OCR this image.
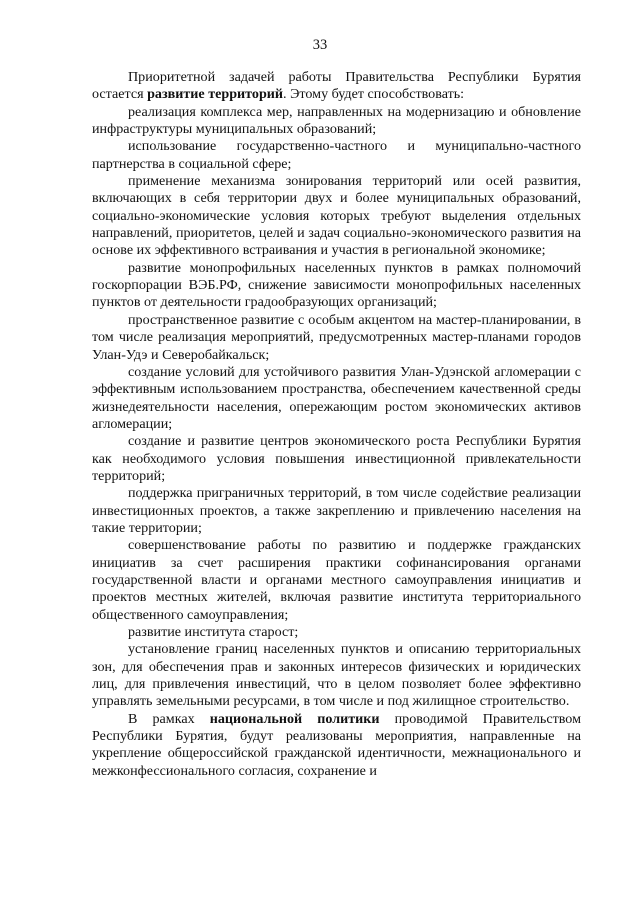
33

Приоритетной задачей работы Правительства Республики Бурятия остается развитие территорий. Этому будет способствовать:

реализация комплекса мер, направленных на модернизацию и обновление инфраструктуры муниципальных образований;

использование государственно-частного и муниципально-частного партнерства в социальной сфере;

применение механизма зонирования территорий или осей развития, включающих в себя территории двух и более муниципальных образований, социально-экономические условия которых требуют выделения отдельных направлений, приоритетов, целей и задач социально-экономического развития на основе их эффективного встраивания и участия в региональной экономике;

развитие монопрофильных населенных пунктов в рамках полномочий госкорпорации ВЭБ.РФ, снижение зависимости монопрофильных населенных пунктов от деятельности градообразующих организаций;

пространственное развитие с особым акцентом на мастер-планировании, в том числе реализация мероприятий, предусмотренных мастер-планами городов Улан-Удэ и Северобайкальск;

создание условий для устойчивого развития Улан-Удэнской агломерации с эффективным использованием пространства, обеспечением качественной среды жизнедеятельности населения, опережающим ростом экономических активов агломерации;

создание и развитие центров экономического роста Республики Бурятия как необходимого условия повышения инвестиционной привлекательности территорий;

поддержка приграничных территорий, в том числе содействие реализации инвестиционных проектов, а также закреплению и привлечению населения на такие территории;

совершенствование работы по развитию и поддержке гражданских инициатив за счет расширения практики софинансирования органами государственной власти и органами местного самоуправления инициатив и проектов местных жителей, включая развитие института территориального общественного самоуправления;

развитие института старост;

установление границ населенных пунктов и описанию территориальных зон, для обеспечения прав и законных интересов физических и юридических лиц, для привлечения инвестиций, что в целом позволяет более эффективно управлять земельными ресурсами, в том числе и под жилищное строительство.

В рамках национальной политики проводимой Правительством Республики Бурятия, будут реализованы мероприятия, направленные на укрепление общероссийской гражданской идентичности, межнационального и межконфессионального согласия, сохранение и
